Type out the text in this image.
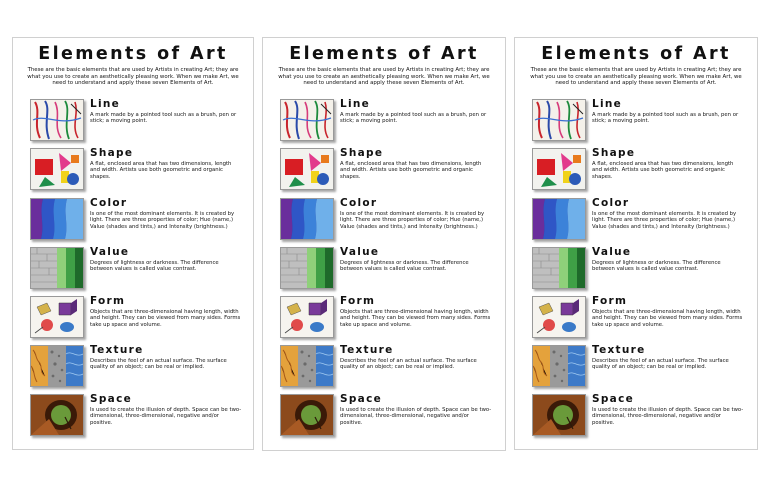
Elements of Art
These are the basic elements that are used by Artists in creating Art; they are what you use to create an aesthetically pleasing work. When we make Art, we need to understand and apply these seven Elements of Art.
Line
A mark made by a pointed tool such as a brush, pen or stick; a moving point.
Shape
A flat, enclosed area that has two dimensions, length and width. Artists use both geometric and organic shapes.
Color
Is one of the most dominant elements. It is created by light. There are three properties of color; Hue (name,) Value (shades and tints,) and Intensity (brightness.)
Value
Degrees of lightness or darkness. The difference between values is called value contrast.
Form
Objects that are three-dimensional having length, width and height. They can be viewed from many sides. Forms take up space and volume.
Texture
Describes the feel of an actual surface. The surface quality of an object; can be real or implied.
Space
Is used to create the illusion of depth. Space can be two-dimensional, three-dimensional, negative and/or positive.
Elements of Art
These are the basic elements that are used by Artists in creating Art; they are what you use to create an aesthetically pleasing work. When we make Art, we need to understand and apply these seven Elements of Art.
Line
A mark made by a pointed tool such as a brush, pen or stick; a moving point.
Shape
A flat, enclosed area that has two dimensions, length and width. Artists use both geometric and organic shapes.
Color
Is one of the most dominant elements. It is created by light. There are three properties of color; Hue (name,) Value (shades and tints,) and Intensity (brightness.)
Value
Degrees of lightness or darkness. The difference between values is called value contrast.
Form
Objects that are three-dimensional having length, width and height. They can be viewed from many sides. Forms take up space and volume.
Texture
Describes the feel of an actual surface. The surface quality of an object; can be real or implied.
Space
Is used to create the illusion of depth. Space can be two-dimensional, three-dimensional, negative and/or positive.
Elements of Art
These are the basic elements that are used by Artists in creating Art; they are what you use to create an aesthetically pleasing work. When we make Art, we need to understand and apply these seven Elements of Art.
Line
A mark made by a pointed tool such as a brush, pen or stick; a moving point.
Shape
A flat, enclosed area that has two dimensions, length and width. Artists use both geometric and organic shapes.
Color
Is one of the most dominant elements. It is created by light. There are three properties of color; Hue (name,) Value (shades and tints,) and Intensity (brightness.)
Value
Degrees of lightness or darkness. The difference between values is called value contrast.
Form
Objects that are three-dimensional having length, width and height. They can be viewed from many sides. Forms take up space and volume.
Texture
Describes the feel of an actual surface. The surface quality of an object; can be real or implied.
Space
Is used to create the illusion of depth. Space can be two-dimensional, three-dimensional, negative and/or positive.
